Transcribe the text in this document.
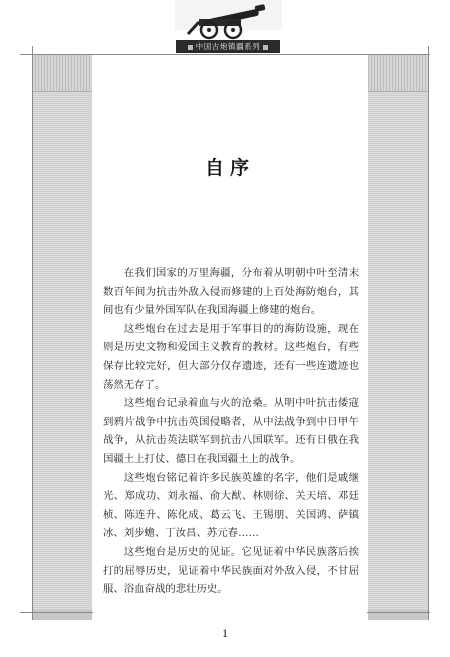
中国古炮镇疆系列
自序

在我们国家的万里海疆，分布着从明朝中叶至清末数百年间为抗击外敌入侵而修建的上百处海防炮台，其间也有少量外国军队在我国海疆上修建的炮台。

这些炮台在过去是用于军事目的的海防设施，现在则是历史文物和爱国主义教育的教材。这些炮台，有些保存比较完好，但大部分仅存遗迹，还有一些连遗迹也荡然无存了。

这些炮台记录着血与火的沧桑。从明中叶抗击倭寇到鸦片战争中抗击英国侵略者，从中法战争到中日甲午战争，从抗击英法联军到抗击八国联军。还有日俄在我国疆土上打仗、德日在我国疆土上的战争。

这些炮台铭记着许多民族英雄的名字，他们是戚继光、郑成功、刘永福、俞大猷、林则徐、关天培、邓廷桢、陈连升、陈化成、葛云飞、王锡朋、关国鸿、萨镇冰、刘步蟾、丁汝昌、苏元春……

这些炮台是历史的见证。它见证着中华民族落后挨打的屈辱历史，见证着中华民族面对外敌入侵，不甘屈服、浴血奋战的悲壮历史。

1
